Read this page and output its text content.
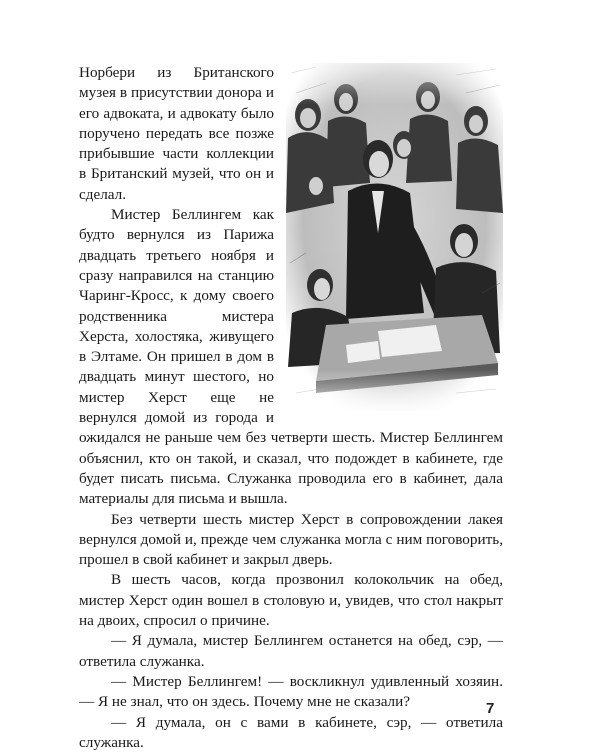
Норбери из Британского музея в присутствии донора и его адвоката, и адвокату было поручено передать все позже прибывшие части коллекции в Британский музей, что он и сделал.

Мистер Беллингем как будто вернулся из Парижа двадцать третьего ноября и сразу направился на станцию Чаринг-Кросс, к дому своего родственника мистера Херста, холостяка, живущего в Элтаме. Он пришел в дом в двадцать минут шестого, но мистер Херст еще не вернулся домой из города и ожидался не раньше чем без четверти шесть. Мистер Беллингем объяснил, кто он такой, и сказал, что подождет в кабинете, где будет писать письма. Служанка проводила его в кабинет, дала материалы для письма и вышла.

Без четверти шесть мистер Херст в сопровождении лакея вернулся домой и, прежде чем служанка могла с ним поговорить, прошел в свой кабинет и закрыл дверь.

В шесть часов, когда прозвонил колокольчик на обед, мистер Херст один вошел в столовую и, увидев, что стол накрыт на двоих, спросил о причине.

— Я думала, мистер Беллингем останется на обед, сэр, — ответила служанка.

— Мистер Беллингем! — воскликнул удивленный хозяин. — Я не знал, что он здесь. Почему мне не сказали?

— Я думала, он с вами в кабинете, сэр, — ответила служанка.

7
